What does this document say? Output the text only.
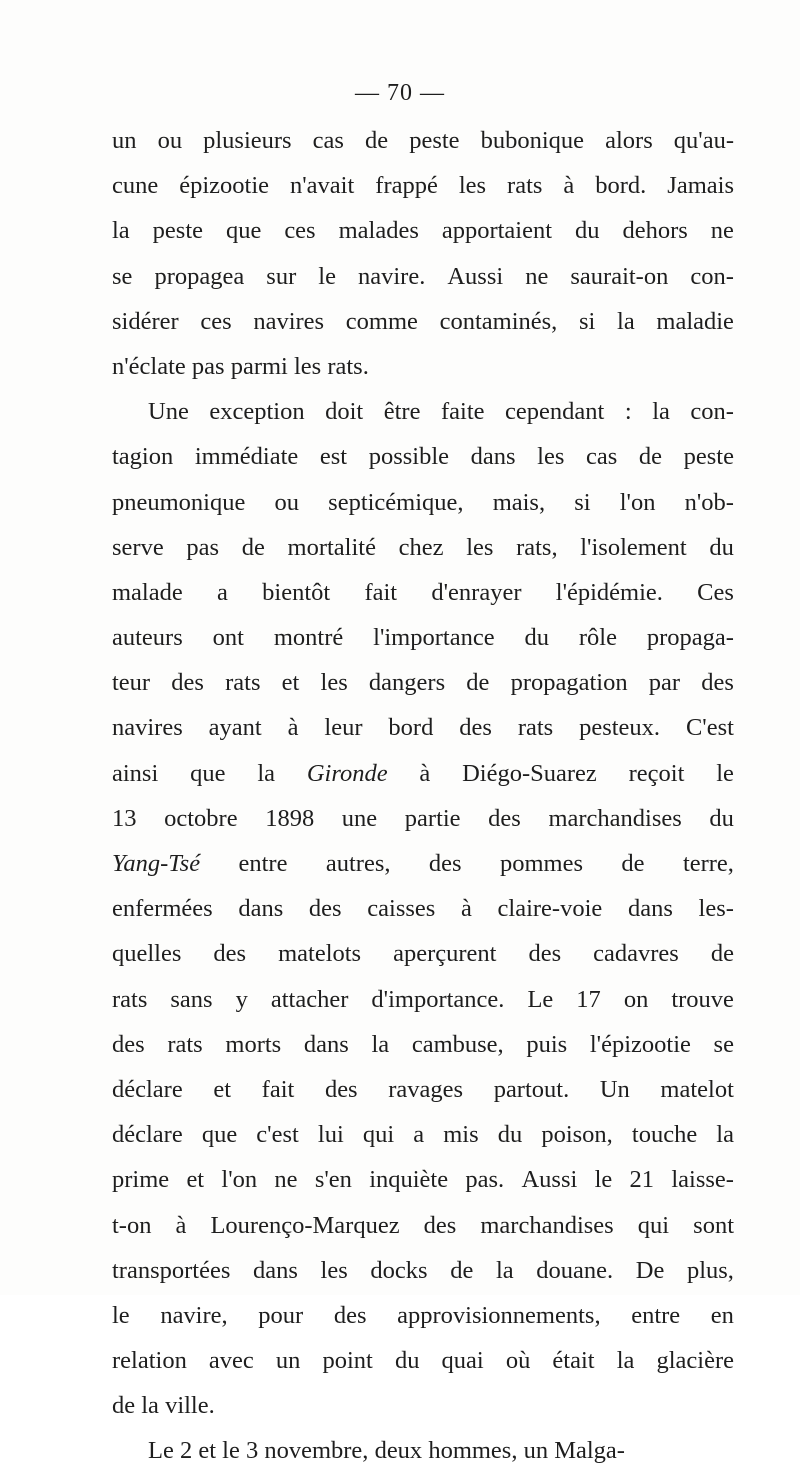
— 70 —
un ou plusieurs cas de peste bubonique alors qu'au-
cune épizootie n'avait frappé les rats à bord. Jamais
la peste que ces malades apportaient du dehors ne
se propagea sur le navire. Aussi ne saurait-on con-
sidérer ces navires comme contaminés, si la maladie
n'éclate
pas
parmi
les
rats.
Une exception doit être faite cependant : la con-
tagion immédiate est possible dans les cas de peste
pneumonique ou septicémique, mais, si l'on n'ob-
serve pas de mortalité chez les rats, l'isolement du
malade a bientôt fait d'enrayer l'épidémie. Ces
auteurs ont montré l'importance du rôle propaga-
teur des rats et les dangers de propagation par des
navires ayant à leur bord des rats pesteux. C'est
ainsi que la Gironde à Diégo-Suarez reçoit le
13 octobre 1898 une partie des marchandises du
Yang-Tsé entre autres, des pommes de terre,
enfermées dans des caisses à claire-voie dans les-
quelles des matelots aperçurent des cadavres de
rats sans y attacher d'importance. Le 17 on trouve
des rats morts dans la cambuse, puis l'épizootie se
déclare et fait des ravages partout. Un matelot
déclare que c'est lui qui a mis du poison, touche la
prime et l'on ne s'en inquiète pas. Aussi le 21 laisse-
t-on à Lourenço-Marquez des marchandises qui sont
transportées dans les docks de la douane. De plus,
le navire, pour des approvisionnements, entre en
relation avec un point du quai où était la glacière
de
la
ville.
Le
2
et
le
3
novembre,
deux
hommes,
un
Malga-
